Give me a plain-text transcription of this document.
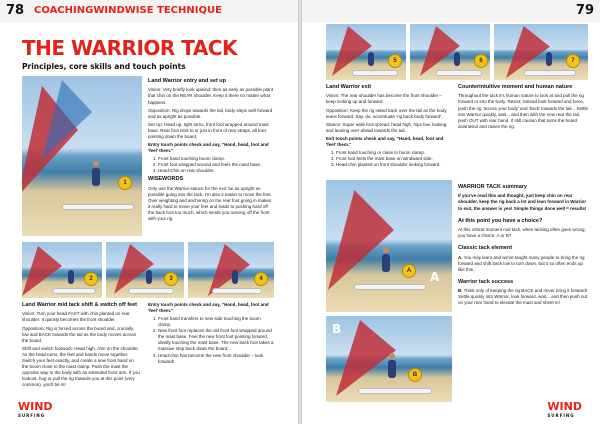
78 COACHINGWINDWISE TECHNIQUE
THE WARRIOR TACK
Principles, core skills and touch points
1
Land Warrior entry and set up

Vision: Very briefly look upwind; then as early as possible plant that chin on the REAR shoulder. Keep it there no matter what happens.

Opposition: Rig drops towards the tail, body steps well forward and as upright as possible.

Set Up: Head up, tight torso, front foot wrapped around mast base. Rear foot next to or just in front of rear straps, all toes pointing down the board.

Entry touch points check and say, "Hand, head, foot and 'feel' them."

1. Front hand touching boom clamp.
2. Front foot wrapped around and feels the mast base.
3. Head-Chin on rear shoulder.
WISEWORDS

Only use the Warrior stance for the exit; be as upright as possible going into the tack, I'm also it easier to move the feet. Over weighting and anchoring on the rear foot going in makes it really hard to move your feet and leads to pushing hard off the back foot too much, which sends you running off the front with your rig.

2	3	4
Land Warrior mid tack shift & switch off feet

Vision: Turn your head FAST with chin planted on rear shoulder. It quickly becomes the front shoulder.

Opposition: Rig is forced across the board and, crucially, low and BACK towards the tail as the body moves across the board.

Shift and switch footwork: Head high, chin on the shoulder. As the head turns, the feet and hands move together. Switch your feet exactly, and create a new front hand on the boom close to the mast clamp. Push the mast the opposite way to the body with an extended front arm. If you lookout, hug or pull the rig towards you at this point (very common), you'll be in!

Entry touch points check and say, "Hand, head, foot and 'feel' them."

1. Front hand transfers to new side touching the boom clamp.
2. New front foot replaces the old front foot wrapped around the mast base. Feel the new front foot pointing forward, ideally touching the mast base. The new back foot takes a massive step back down the board.
3. Head-chin has become the new front shoulder – look forward!
WIND
SURFING
79
5	6	7
Land Warrior exit

Vision: The rear shoulder has become the front shoulder – keep looking up and forward.

Opposition: Keep the rig raked back over the tail as the body leans forward. Say, do, accentuate 'rig back-body forward'.

Stance: Super wide foot spread, head high, hips low, looking and leaning over ahead towards the tail.

Exit touch points check and say, "Hand, head, foot and 'feel' them."

1. Front hand touching or close to boom clamp.
2. Front foot feels the mast base on windward side.
3. Head-chin planted on front shoulder looking forward.
Counterintuitive moment and human nature

Throughout the tack it's human nature to look at and pull the rig forward or into the body. Resist; instead look forward and force, push the rig 'across your body' and 'back' towards the tail... Settle into Warrior quickly, wait... and then with the new rear the tail, push OUT with rear hand. If still caution that turns the board downwind and raises the rig.

A	A
B
B
WARRIOR TACK summary

If you've read this and thought, just keep chin on rear shoulder, keep the rig back a lot and lean forward in Warrior to exit, the answer is yes! Simple things done well = results!

At this point you have a choice?

At this critical moment mid tack, when tacking often goes wrong, you have a choice: A or B?

Classic tack element

A. You may learn and we've taught many people to bring the rig forward and shift back low to turn down, but it so often ends up like this.

Warrior tack success

B. Think only of keeping the rig BACK and never bring it forward! Settle quickly into Warrior, look forward, wait... and then push out on your rear hand to elevate the mast and sheet in!

WIND
SURFING
